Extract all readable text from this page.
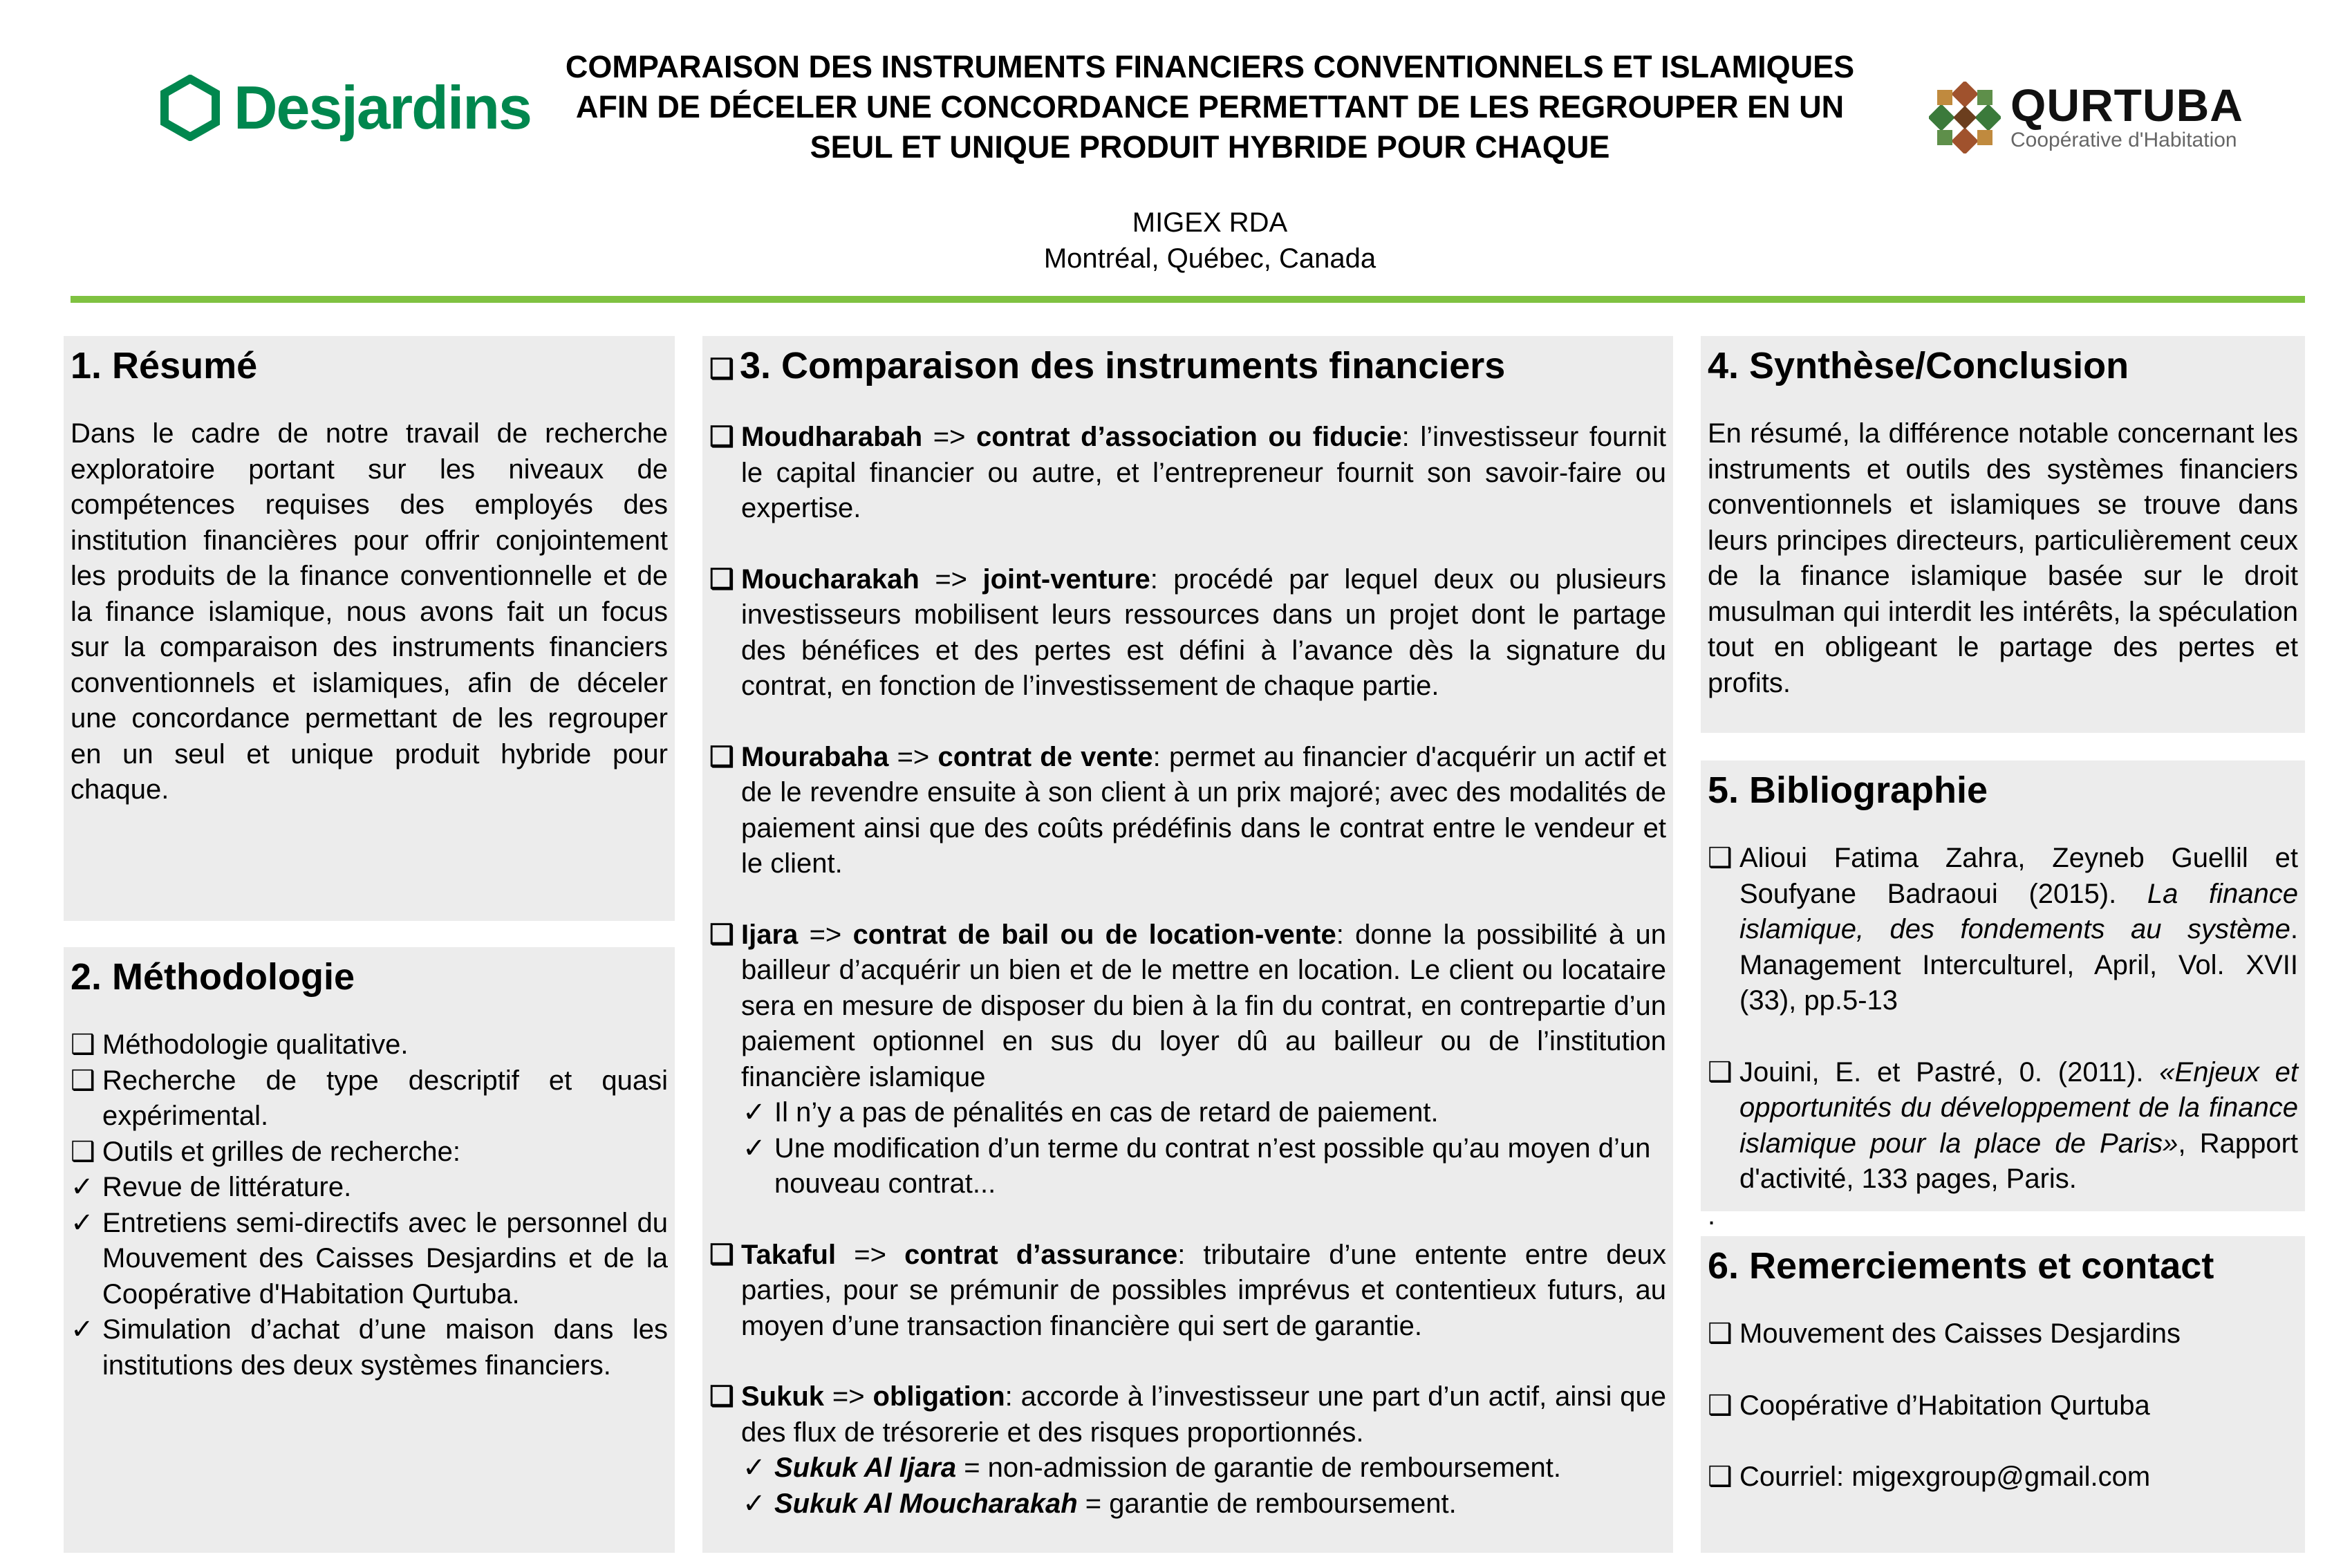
Desjardins	QURTUBA
Coopérative d'Habitation
COMPARAISON DES INSTRUMENTS FINANCIERS CONVENTIONNELS ET ISLAMIQUES
AFIN DE DÉCELER UNE CONCORDANCE PERMETTANT DE LES REGROUPER EN UN
SEUL ET UNIQUE PRODUIT HYBRIDE POUR CHAQUE
MIGEX RDA
Montréal, Québec, Canada
1. Résumé

Dans le cadre de notre travail de recherche exploratoire portant sur les niveaux de compétences requises des employés des institution financières pour offrir conjointement les produits de la finance conventionnelle et de la finance islamique, nous avons fait un focus sur la comparaison des instruments financiers conventionnels et islamiques, afin de déceler une concordance permettant de les regrouper en un seul et unique produit hybride pour chaque.

2. Méthodologie
❑ Méthodologie qualitative.
❑ Recherche de type descriptif et quasi expérimental.
❑ Outils et grilles de recherche:
✓ Revue de littérature.
✓ Entretiens semi-directifs avec le personnel du Mouvement des Caisses Desjardins et de la Coopérative d'Habitation Qurtuba.
✓ Simulation d’achat d’une maison dans les institutions des deux systèmes financiers.
❑ 3. Comparaison des instruments financiers
❑ Moudharabah => contrat d’association ou fiducie: l’investisseur fournit le capital financier ou autre, et l’entrepreneur fournit son savoir-faire ou expertise.
❑ Moucharakah => joint-venture: procédé par lequel deux ou plusieurs investisseurs mobilisent leurs ressources dans un projet dont le partage des bénéfices et des pertes est défini à l’avance dès la signature du contrat, en fonction de l’investissement de chaque partie.
❑ Mourabaha => contrat de vente: permet au financier d'acquérir un actif et de le revendre ensuite à son client à un prix majoré; avec des modalités de paiement ainsi que des coûts prédéfinis dans le contrat entre le vendeur et le client.
❑ Ijara => contrat de bail ou de location-vente: donne la possibilité à un bailleur d’acquérir un bien et de le mettre en location. Le client ou locataire sera en mesure de disposer du bien à la fin du contrat, en contrepartie d’un paiement optionnel en sus du loyer dû au bailleur ou de l’institution financière islamique
✓ Il n’y a pas de pénalités en cas de retard de paiement.
✓ Une modification d’un terme du contrat n’est possible qu’au moyen d’un nouveau contrat...
❑ Takaful => contrat d’assurance: tributaire d’une entente entre deux parties, pour se prémunir de possibles imprévus et contentieux futurs, au moyen d’une transaction financière qui sert de garantie.
❑ Sukuk => obligation: accorde à l’investisseur une part d’un actif, ainsi que des flux de trésorerie et des risques proportionnés.
✓ Sukuk Al Ijara = non-admission de garantie de remboursement.
✓ Sukuk Al Moucharakah = garantie de remboursement.
4. Synthèse/Conclusion

En résumé, la différence notable concernant les instruments et outils des systèmes financiers conventionnels et islamiques se trouve dans leurs principes directeurs, particulièrement ceux de la finance islamique basée sur le droit musulman qui interdit les intérêts, la spéculation tout en obligeant le partage des pertes et profits.

5. Bibliographie
❑ Alioui Fatima Zahra, Zeyneb Guellil et Soufyane Badraoui (2015). La finance islamique, des fondements au système. Management Interculturel, April, Vol. XVII (33), pp.5-13
❑ Jouini, E. et Pastré, 0. (2011). «Enjeux et opportunités du développement de la finance islamique pour la place de Paris», Rapport d'activité, 133 pages, Paris.
.
6. Remerciements et contact
❑ Mouvement des Caisses Desjardins
❑ Coopérative d’Habitation Qurtuba
❑ Courriel: migexgroup@gmail.com
